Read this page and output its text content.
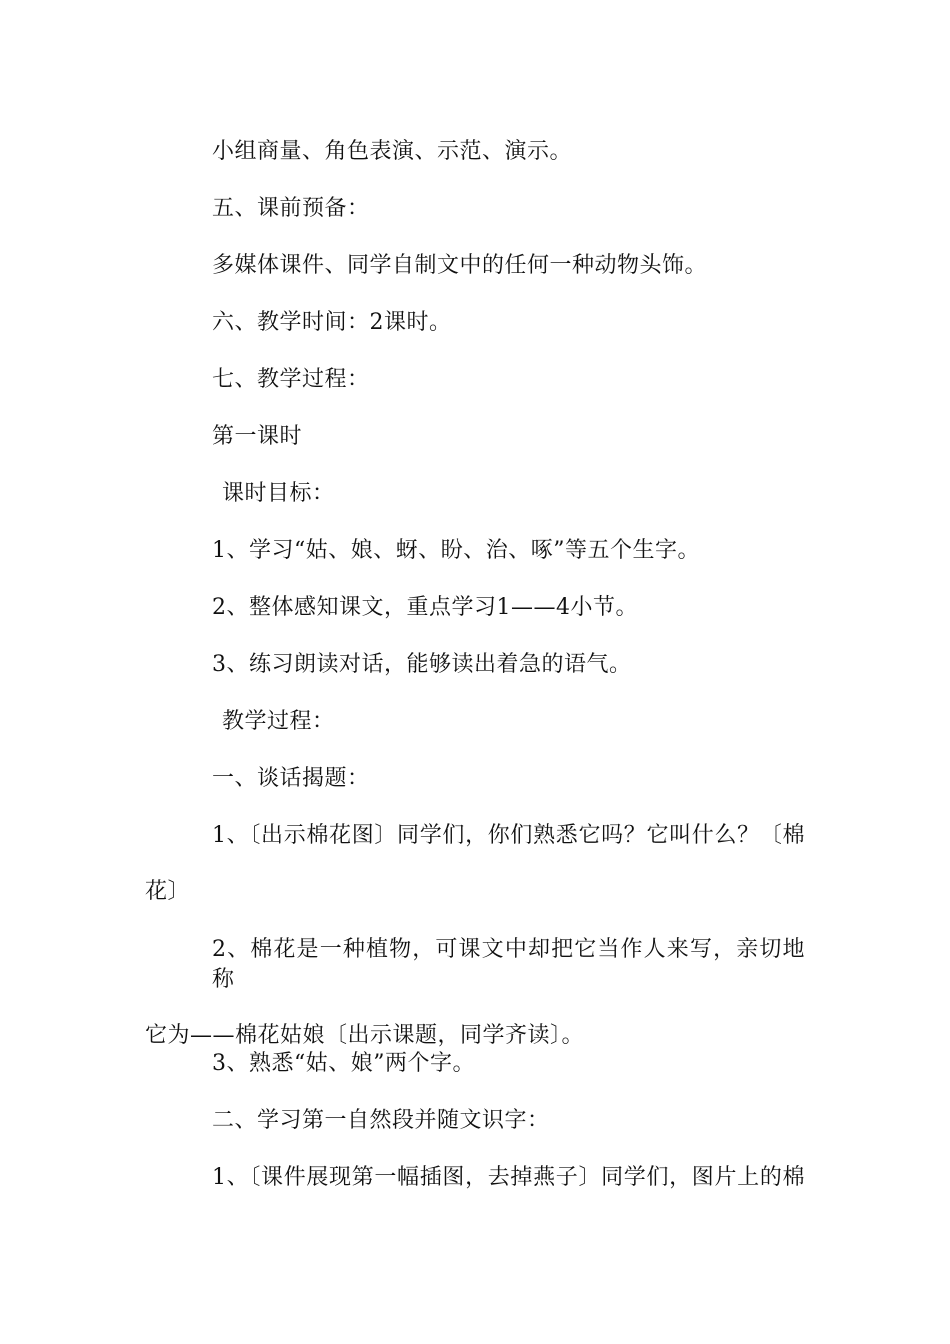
小组商量、角色表演、示范、演示。
五、课前预备：
多媒体课件、同学自制文中的任何一种动物头饰。
六、教学时间：2课时。
七、教学过程：
第一课时
课时目标：
1、学习“姑、娘、蚜、盼、治、啄”等五个生字。
2、整体感知课文，重点学习1——4小节。
3、练习朗读对话，能够读出着急的语气。
教学过程：
一、谈话揭题：
1、〔出示棉花图〕同学们，你们熟悉它吗？它叫什么？〔棉
花〕
2、棉花是一种植物，可课文中却把它当作人来写，亲切地称
它为——棉花姑娘〔出示课题，同学齐读〕。
3、熟悉“姑、娘”两个字。
二、学习第一自然段并随文识字：
1、〔课件展现第一幅插图，去掉燕子〕同学们，图片上的棉
